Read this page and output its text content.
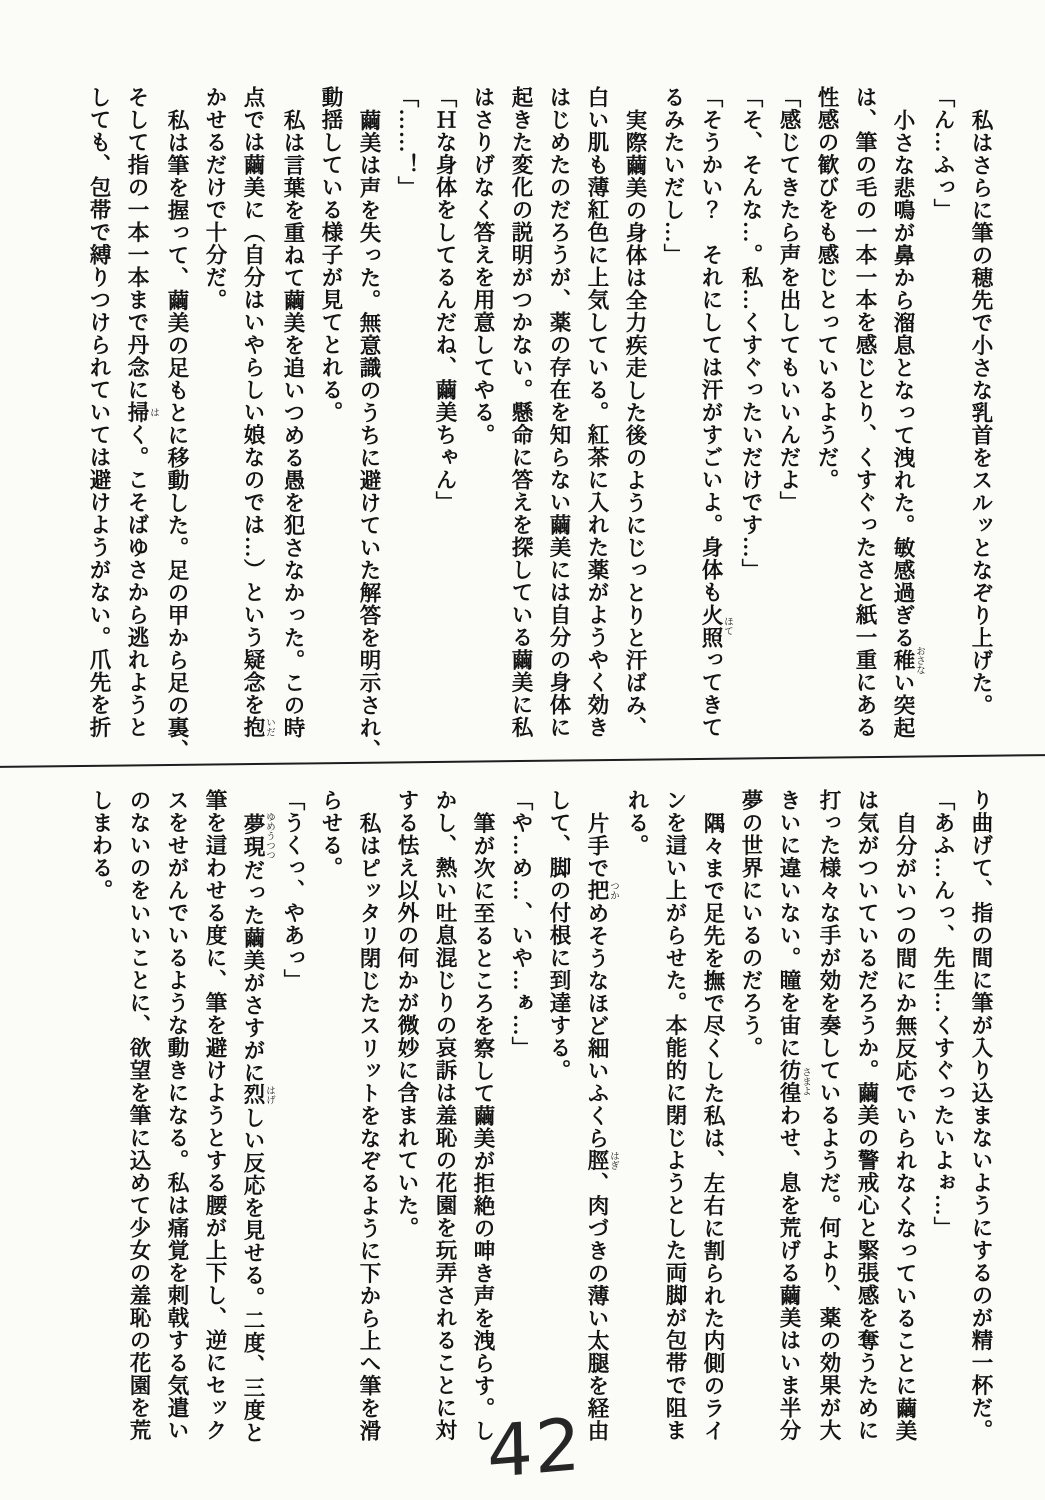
私はさらに筆の穂先で小さな乳首をスルッとなぞり上げた。

「ん…ふっ」

小さな悲鳴が鼻から溜息となって洩れた。敏感過ぎる稚 おさない突起

は、筆の毛の一本一本を感じとり、くすぐったさと紙一重にある

性感の歓びをも感じとっているようだ。

「感じてきたら声を出してもいいんだよ」

「そ、そんな…。私…くすぐったいだけです…」

「そうかい？　それにしては汗がすごいよ。身体も火照 ほてってきて

るみたいだし…」

実際繭美の身体は全力疾走した後のようにじっとりと汗ばみ、

白い肌も薄紅色に上気している。紅茶に入れた薬がようやく効き

はじめたのだろうが、薬の存在を知らない繭美には自分の身体に

起きた変化の説明がつかない。懸命に答えを探している繭美に私

はさりげなく答えを用意してやる。

「Ｈな身体をしてるんだね、繭美ちゃん」

「……！」

繭美は声を失った。無意識のうちに避けていた解答を明示され、

動揺している様子が見てとれる。

私は言葉を重ねて繭美を追いつめる愚を犯さなかった。この時

点では繭美に（自分はいやらしい娘なのでは…）という疑念を抱 いだ

かせるだけで十分だ。

私は筆を握って、繭美の足もとに移動した。足の甲から足の裏、

そして指の一本一本まで丹念に掃 はく。こそばゆさから逃れようと

しても、包帯で縛りつけられていては避けようがない。爪先を折

り曲げて、指の間に筆が入り込まないようにするのが精一杯だ。

「あふ…んっ、先生…くすぐったいよぉ…」

自分がいつの間にか無反応でいられなくなっていることに繭美

は気がついているだろうか。繭美の警戒心と緊張感を奪うために

打った様々な手が効を奏しているようだ。何より、薬の効果が大

きいに違いない。瞳を宙に彷徨 さまよわせ、息を荒げる繭美はいま半分

夢の世界にいるのだろう。

隅々まで足先を撫で尽くした私は、左右に割られた内側のライ

ンを這い上がらせた。本能的に閉じようとした両脚が包帯で阻ま

れる。

片手で把 つかめそうなほど細いふくら脛 はぎ、肉づきの薄い太腿を経由

して、脚の付根に到達する。

「や…め…、いや…ぁ…」

筆が次に至るところを察して繭美が拒絶の呻き声を洩らす。し

かし、熱い吐息混じりの哀訴は羞恥の花園を玩弄されることに対

する怯え以外の何かが微妙に含まれていた。

私はピッタリ閉じたスリットをなぞるように下から上へ筆を滑

らせる。

「うくっ、やあっ」

夢現 ゆめうつつだった繭美がさすがに烈 はげしい反応を見せる。二度、三度と

筆を這わせる度に、筆を避けようとする腰が上下し、逆にセック

スをせがんでいるような動きになる。私は痛覚を刺戟する気遣い

のないのをいいことに、欲望を筆に込めて少女の羞恥の花園を荒

しまわる。

42
